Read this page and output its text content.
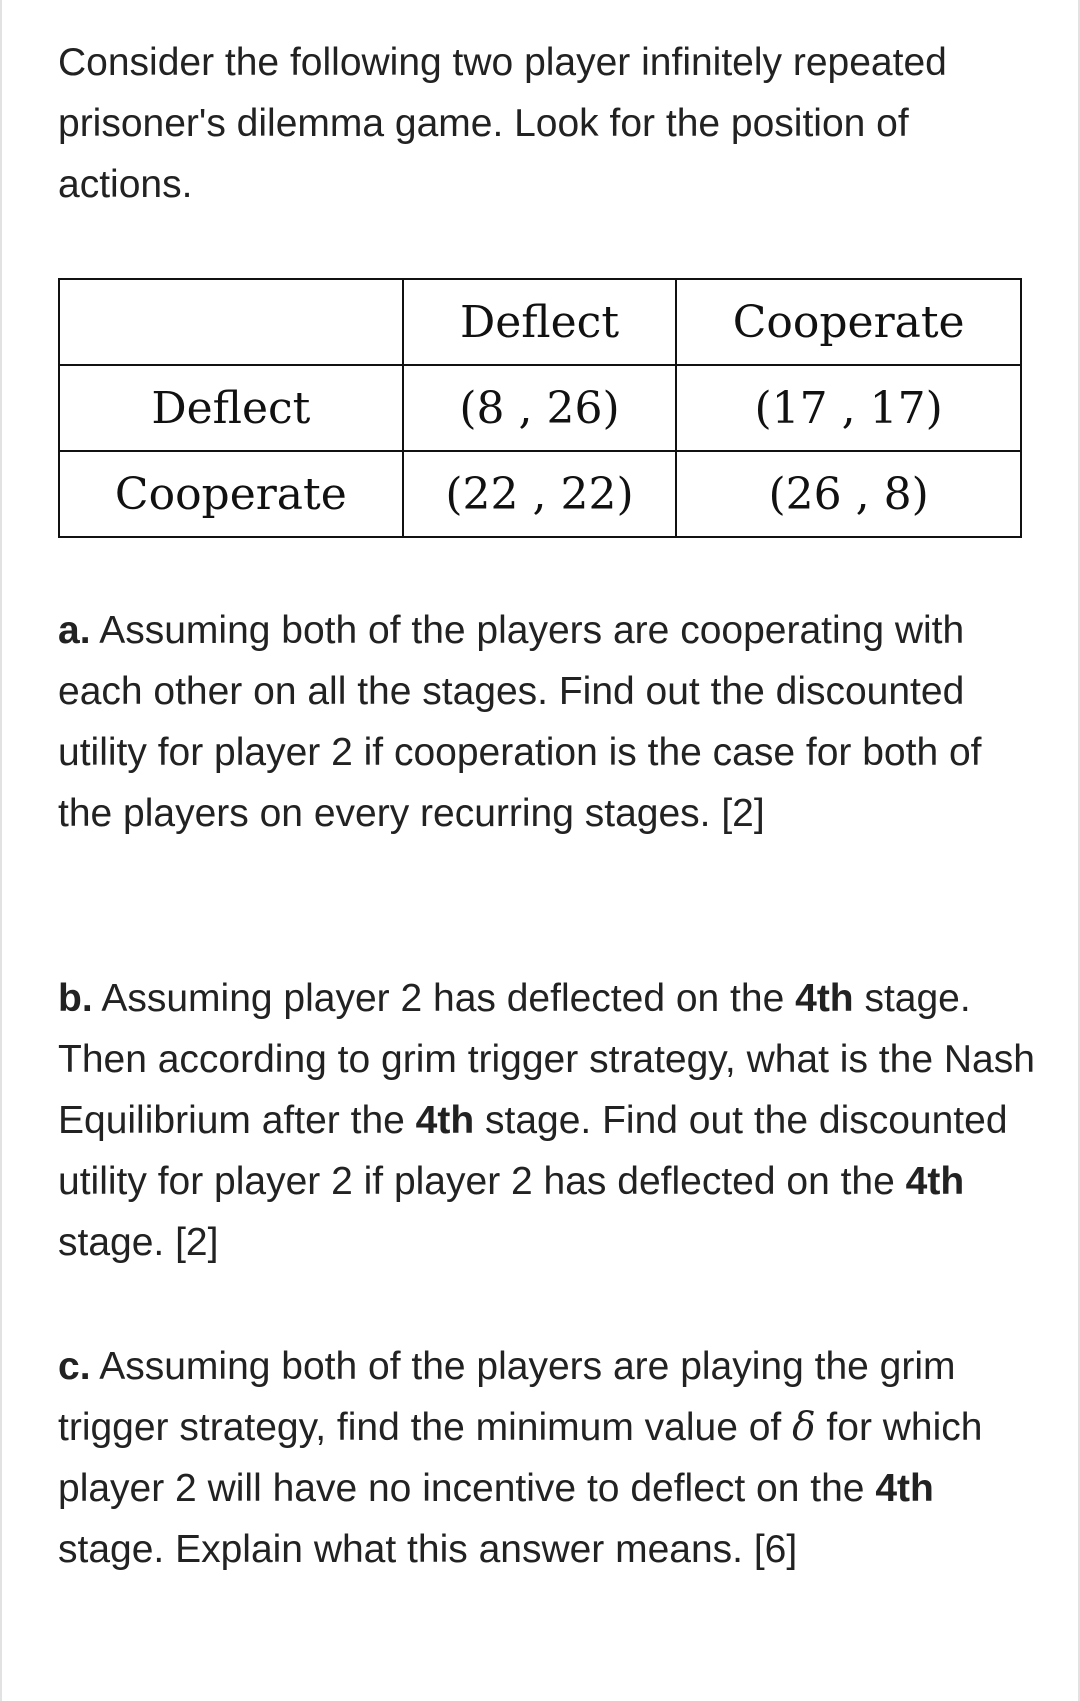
Consider the following two player infinitely repeated prisoner's dilemma game. Look for the position of actions.

	Deflect	Cooperate
Deflect	(8 , 26)	(17 , 17)
Cooperate	(22 , 22)	(26 , 8)

a. Assuming both of the players are cooperating with each other on all the stages. Find out the discounted utility for player 2 if cooperation is the case for both of the players on every recurring stages. [2]

b. Assuming player 2 has deflected on the 4th stage. Then according to grim trigger strategy, what is the Nash Equilibrium after the 4th stage. Find out the discounted utility for player 2 if player 2 has deflected on the 4th stage. [2]

c. Assuming both of the players are playing the grim trigger strategy, find the minimum value of δ for which player 2 will have no incentive to deflect on the 4th stage. Explain what this answer means. [6]
